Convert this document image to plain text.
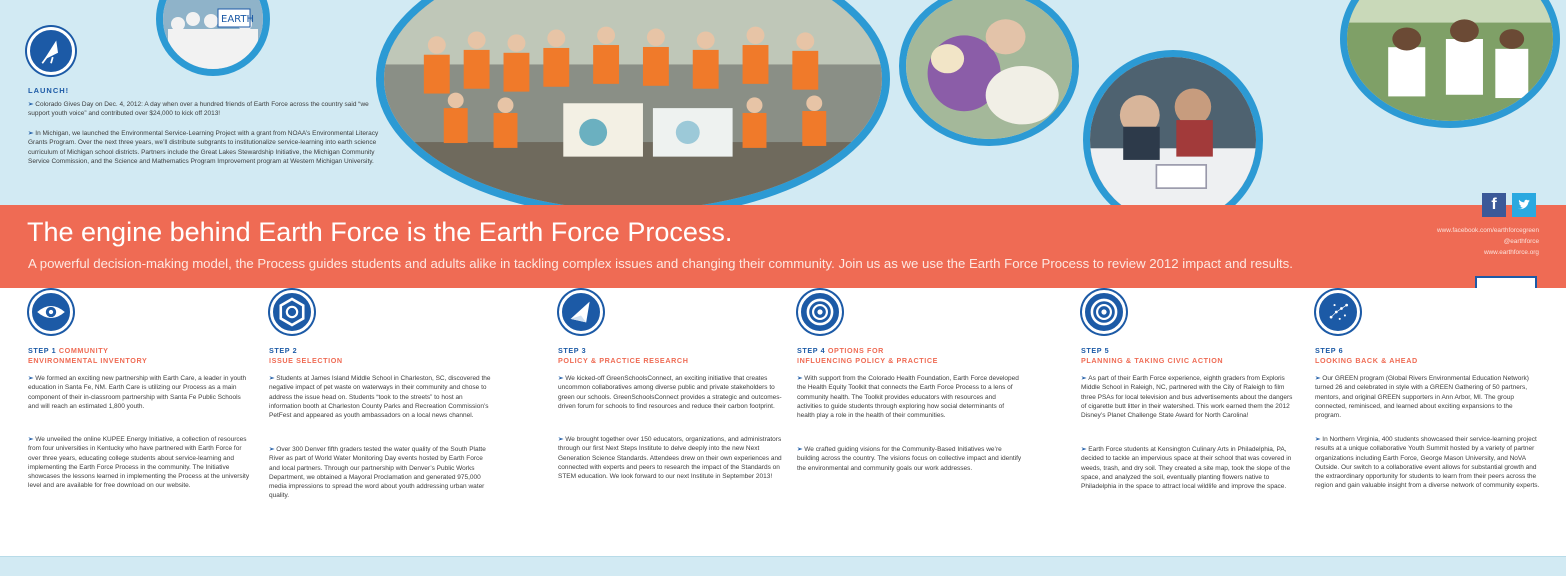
EARTH
LAUNCH!
➢ Colorado Gives Day on Dec. 4, 2012: A day when over a hundred friends of Earth Force across the country said “we support youth voice” and contributed over $24,000 to kick off 2013!
➢ In Michigan, we launched the Environmental Service-Learning Project with a grant from NOAA’s Environmental Literacy Grants Program. Over the next three years, we’ll distribute subgrants to institutionalize service-learning into earth science curriculum of Michigan school districts. Partners include the Great Lakes Stewardship Initiative, the Michigan Community Service Commission, and the Science and Mathematics Program Improvement program at Western Michigan University.
The engine behind Earth Force is the Earth Force Process.
A powerful decision-making model, the Process guides students and adults alike in tackling complex issues and changing their community. Join us as we use the Earth Force Process to review 2012 impact and results.
f
www.facebook.com/earthforcegreen
@earthforce
www.earthforce.org
STEP 1 COMMUNITY
ENVIRONMENTAL INVENTORY
➢ We formed an exciting new partnership with Earth Care, a leader in youth education in Santa Fe, NM. Earth Care is utilizing our Process as a main component of their in-classroom partnership with Santa Fe Public Schools and will reach an estimated 1,800 youth.
➢ We unveiled the online KUPEE Energy Initiative, a collection of resources from four universities in Kentucky who have partnered with Earth Force for over three years, educating college students about service-learning and implementing the Earth Force Process in the community. The Initiative showcases the lessons learned in implementing the Process at the university level and are available for free download on our website.
STEP 2
ISSUE SELECTION
➢ Students at James Island Middle School in Charleston, SC, discovered the negative impact of pet waste on waterways in their community and chose to address the issue head on. Students “took to the streets” to host an information booth at Charleston County Parks and Recreation Commission’s PetFest and appeared as youth ambassadors on a local news channel.
➢ Over 300 Denver fifth graders tested the water quality of the South Platte River as part of World Water Monitoring Day events hosted by Earth Force and local partners. Through our partnership with Denver’s Public Works Department, we obtained a Mayoral Proclamation and generated 975,000 media impressions to spread the word about youth addressing urban water quality.
STEP 3
POLICY & PRACTICE RESEARCH
➢ We kicked-off GreenSchoolsConnect, an exciting initiative that creates uncommon collaboratives among diverse public and private stakeholders to green our schools. GreenSchoolsConnect provides a strategic and outcomes-driven forum for schools to find resources and reduce their carbon footprint.
➢ We brought together over 150 educators, organizations, and administrators through our first Next Steps Institute to delve deeply into the new Next Generation Science Standards. Attendees drew on their own experiences and connected with experts and peers to research the impact of the Standards on STEM education. We look forward to our next Institute in September 2013!
STEP 4 OPTIONS FOR
INFLUENCING POLICY & PRACTICE
➢ With support from the Colorado Health Foundation, Earth Force developed the Health Equity Toolkit that connects the Earth Force Process to a lens of community health. The Toolkit provides educators with resources and activities to guide students through exploring how social determinants of health play a role in the health of their communities.
➢ We crafted guiding visions for the Community-Based Initiatives we’re building across the country. The visions focus on collective impact and identify the environmental and community goals our work addresses.
STEP 5
PLANNING & TAKING CIVIC ACTION
➢ As part of their Earth Force experience, eighth graders from Exploris Middle School in Raleigh, NC, partnered with the City of Raleigh to film three PSAs for local television and bus advertisements about the dangers of cigarette butt litter in their watershed. This work earned them the 2012 Disney’s Planet Challenge State Award for North Carolina!
➢ Earth Force students at Kensington Culinary Arts in Philadelphia, PA, decided to tackle an impervious space at their school that was covered in weeds, trash, and dry soil. They created a site map, took the slope of the space, and analyzed the soil, eventually planting flowers native to Philadelphia in the space to attract local wildlife and improve the space.
STEP 6
LOOKING BACK & AHEAD
➢ Our GREEN program (Global Rivers Environmental Education Network) turned 26 and celebrated in style with a GREEN Gathering of 50 partners, mentors, and original GREEN supporters in Ann Arbor, MI. The group connected, reminisced, and learned about exciting expansions to the program.
➢ In Northern Virginia, 400 students showcased their service-learning project results at a unique collaborative Youth Summit hosted by a variety of partner organizations including Earth Force, George Mason University, and NoVA Outside. Our switch to a collaborative event allows for substantial growth and the extraordinary opportunity for students to learn from their peers across the region and gain valuable insight from a diverse network of community experts.
